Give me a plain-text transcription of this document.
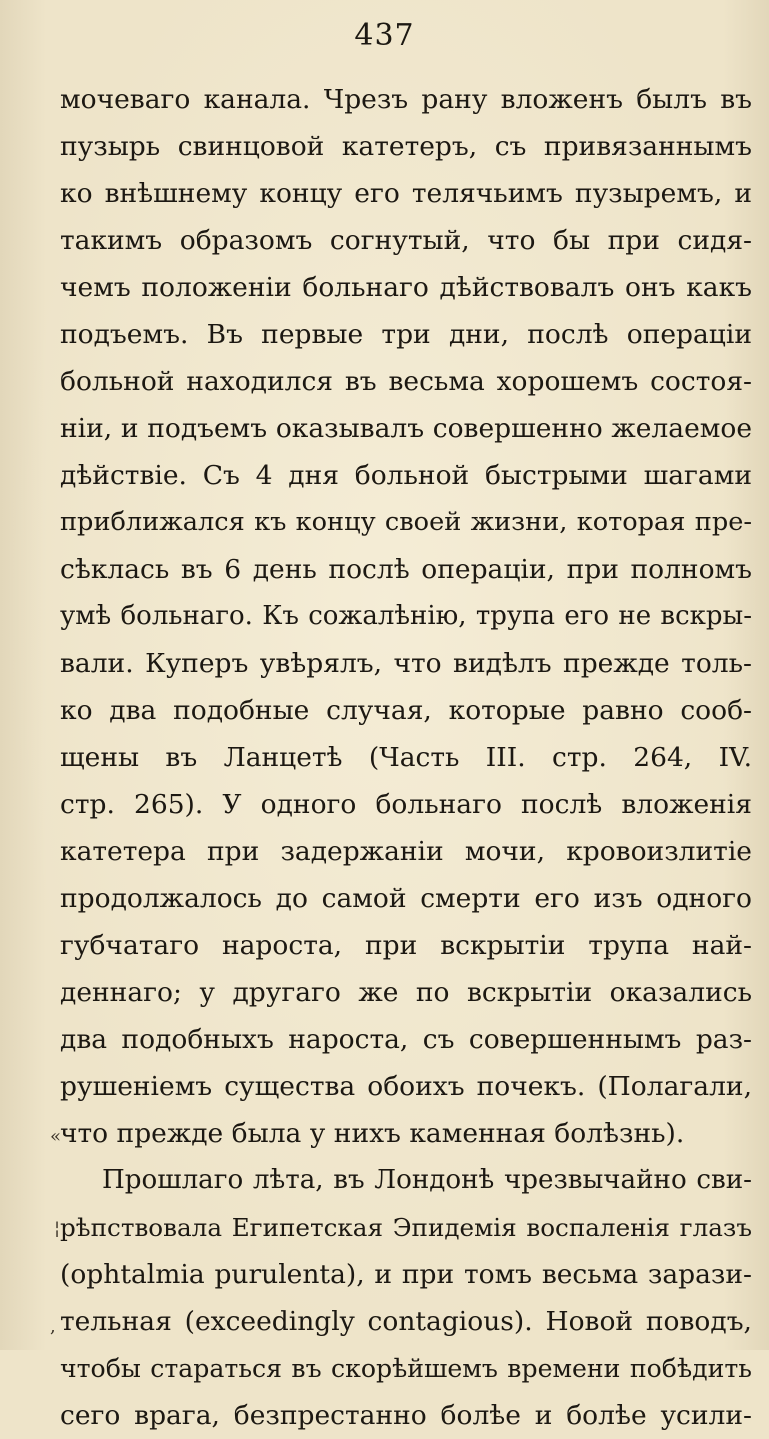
437
мочеваго канала. Чрезъ рану вложенъ былъ въ
пузырь свинцовой катетеръ, съ привязаннымъ
ко внѣшнему концу его телячьимъ пузыремъ, и
такимъ образомъ согнутый, что бы при сидя-
чемъ положеніи больнаго дѣйствовалъ онъ какъ
подъемъ. Въ первые три дни, послѣ операціи
больной находился въ весьма хорошемъ состоя-
ніи, и подъемъ оказывалъ совершенно желаемое
дѣйствіе. Съ 4 дня больной быстрыми шагами
приближался къ концу своей жизни, которая пре-
сѣклась въ 6 день послѣ операціи, при полномъ
умѣ больнаго. Къ сожалѣнію, трупа его не вскры-
вали. Куперъ увѣрялъ, что видѣлъ прежде толь-
ко два подобные случая, которые равно сооб-
щены въ Ланцетѣ (Часть III. стр. 264, IV.
стр. 265). У одного больнаго послѣ вложенія
катетера при задержаніи мочи, кровоизлитіе
продолжалось до самой смерти его изъ одного
губчатаго нароста, при вскрытіи трупа най-
деннаго; у другаго же по вскрытіи оказались
два подобныхъ нароста, съ совершеннымъ раз-
рушеніемъ существа обоихъ почекъ. (Полагали,
что прежде была у нихъ каменная болѣзнь).
Прошлаго лѣта, въ Лондонѣ чрезвычайно сви-
рѣпствовала Египетская Эпидемія воспаленія глазъ
(ophtalmia purulenta), и при томъ весьма зарази-
тельная (exceedingly contagious). Новой поводъ,
чтобы стараться въ скорѣйшемъ времени побѣдить
сего врага, безпрестанно болѣе и болѣе усили-
«
¦
,
